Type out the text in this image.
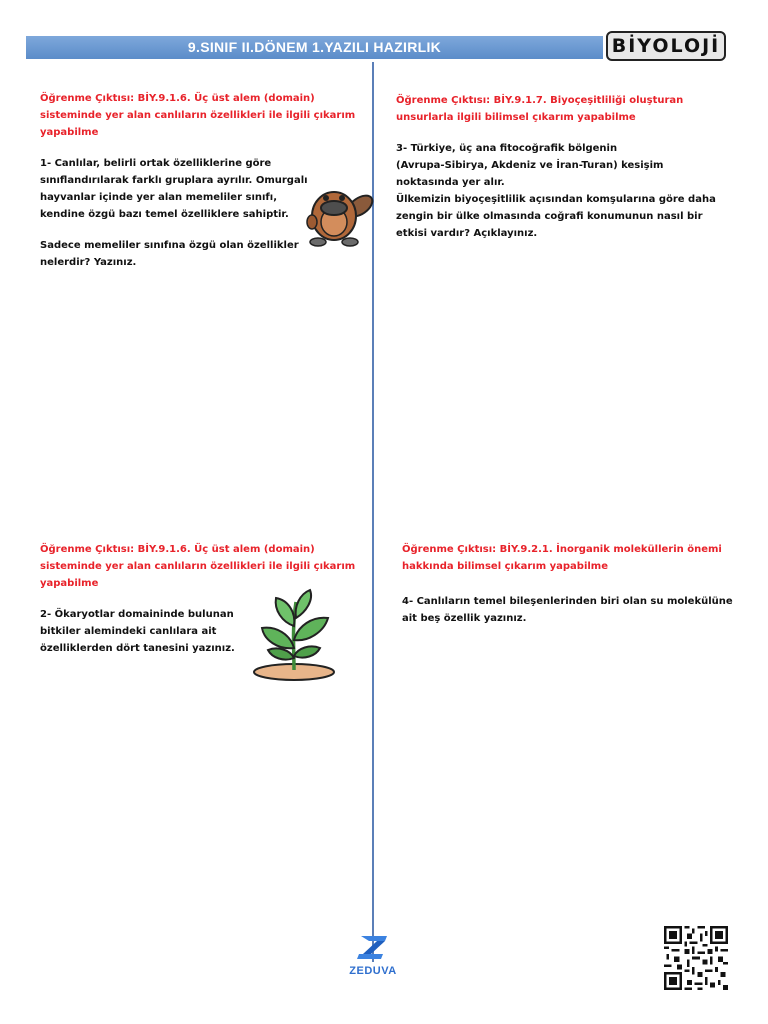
9.SINIF II.DÖNEM 1.YAZILI HAZIRLIK	BİYOLOJİ
Öğrenme Çıktısı: BİY.9.1.6. Üç üst alem (domain) sisteminde yer alan canlıların özellikleri ile ilgili çıkarım yapabilme
1- Canlılar, belirli ortak özelliklerine göre
sınıflandırılarak farklı gruplara ayrılır. Omurgalı
hayvanlar içinde yer alan memeliler sınıfı,
kendine özgü bazı temel özelliklere sahiptir.
Sadece memeliler sınıfına özgü olan özellikler
nelerdir? Yazınız.
Öğrenme Çıktısı: BİY.9.1.7. Biyoçeşitliliği oluşturan unsurlarla ilgili bilimsel çıkarım yapabilme
3- Türkiye, üç ana fitocoğrafik bölgenin
(Avrupa-Sibirya, Akdeniz ve İran-Turan) kesişim
noktasında yer alır.
Ülkemizin biyoçeşitlilik açısından komşularına göre daha
zengin bir ülke olmasında coğrafi konumunun nasıl bir
etkisi vardır? Açıklayınız.
Öğrenme Çıktısı: BİY.9.1.6. Üç üst alem (domain) sisteminde yer alan canlıların özellikleri ile ilgili çıkarım yapabilme
2- Ökaryotlar domaininde bulunan
bitkiler alemindeki canlılara ait
özelliklerden dört tanesini yazınız.
Öğrenme Çıktısı: BİY.9.2.1. İnorganik moleküllerin önemi hakkında bilimsel çıkarım yapabilme
4- Canlıların temel bileşenlerinden biri olan su molekülüne
ait beş özellik yazınız.
ZEDUVA
